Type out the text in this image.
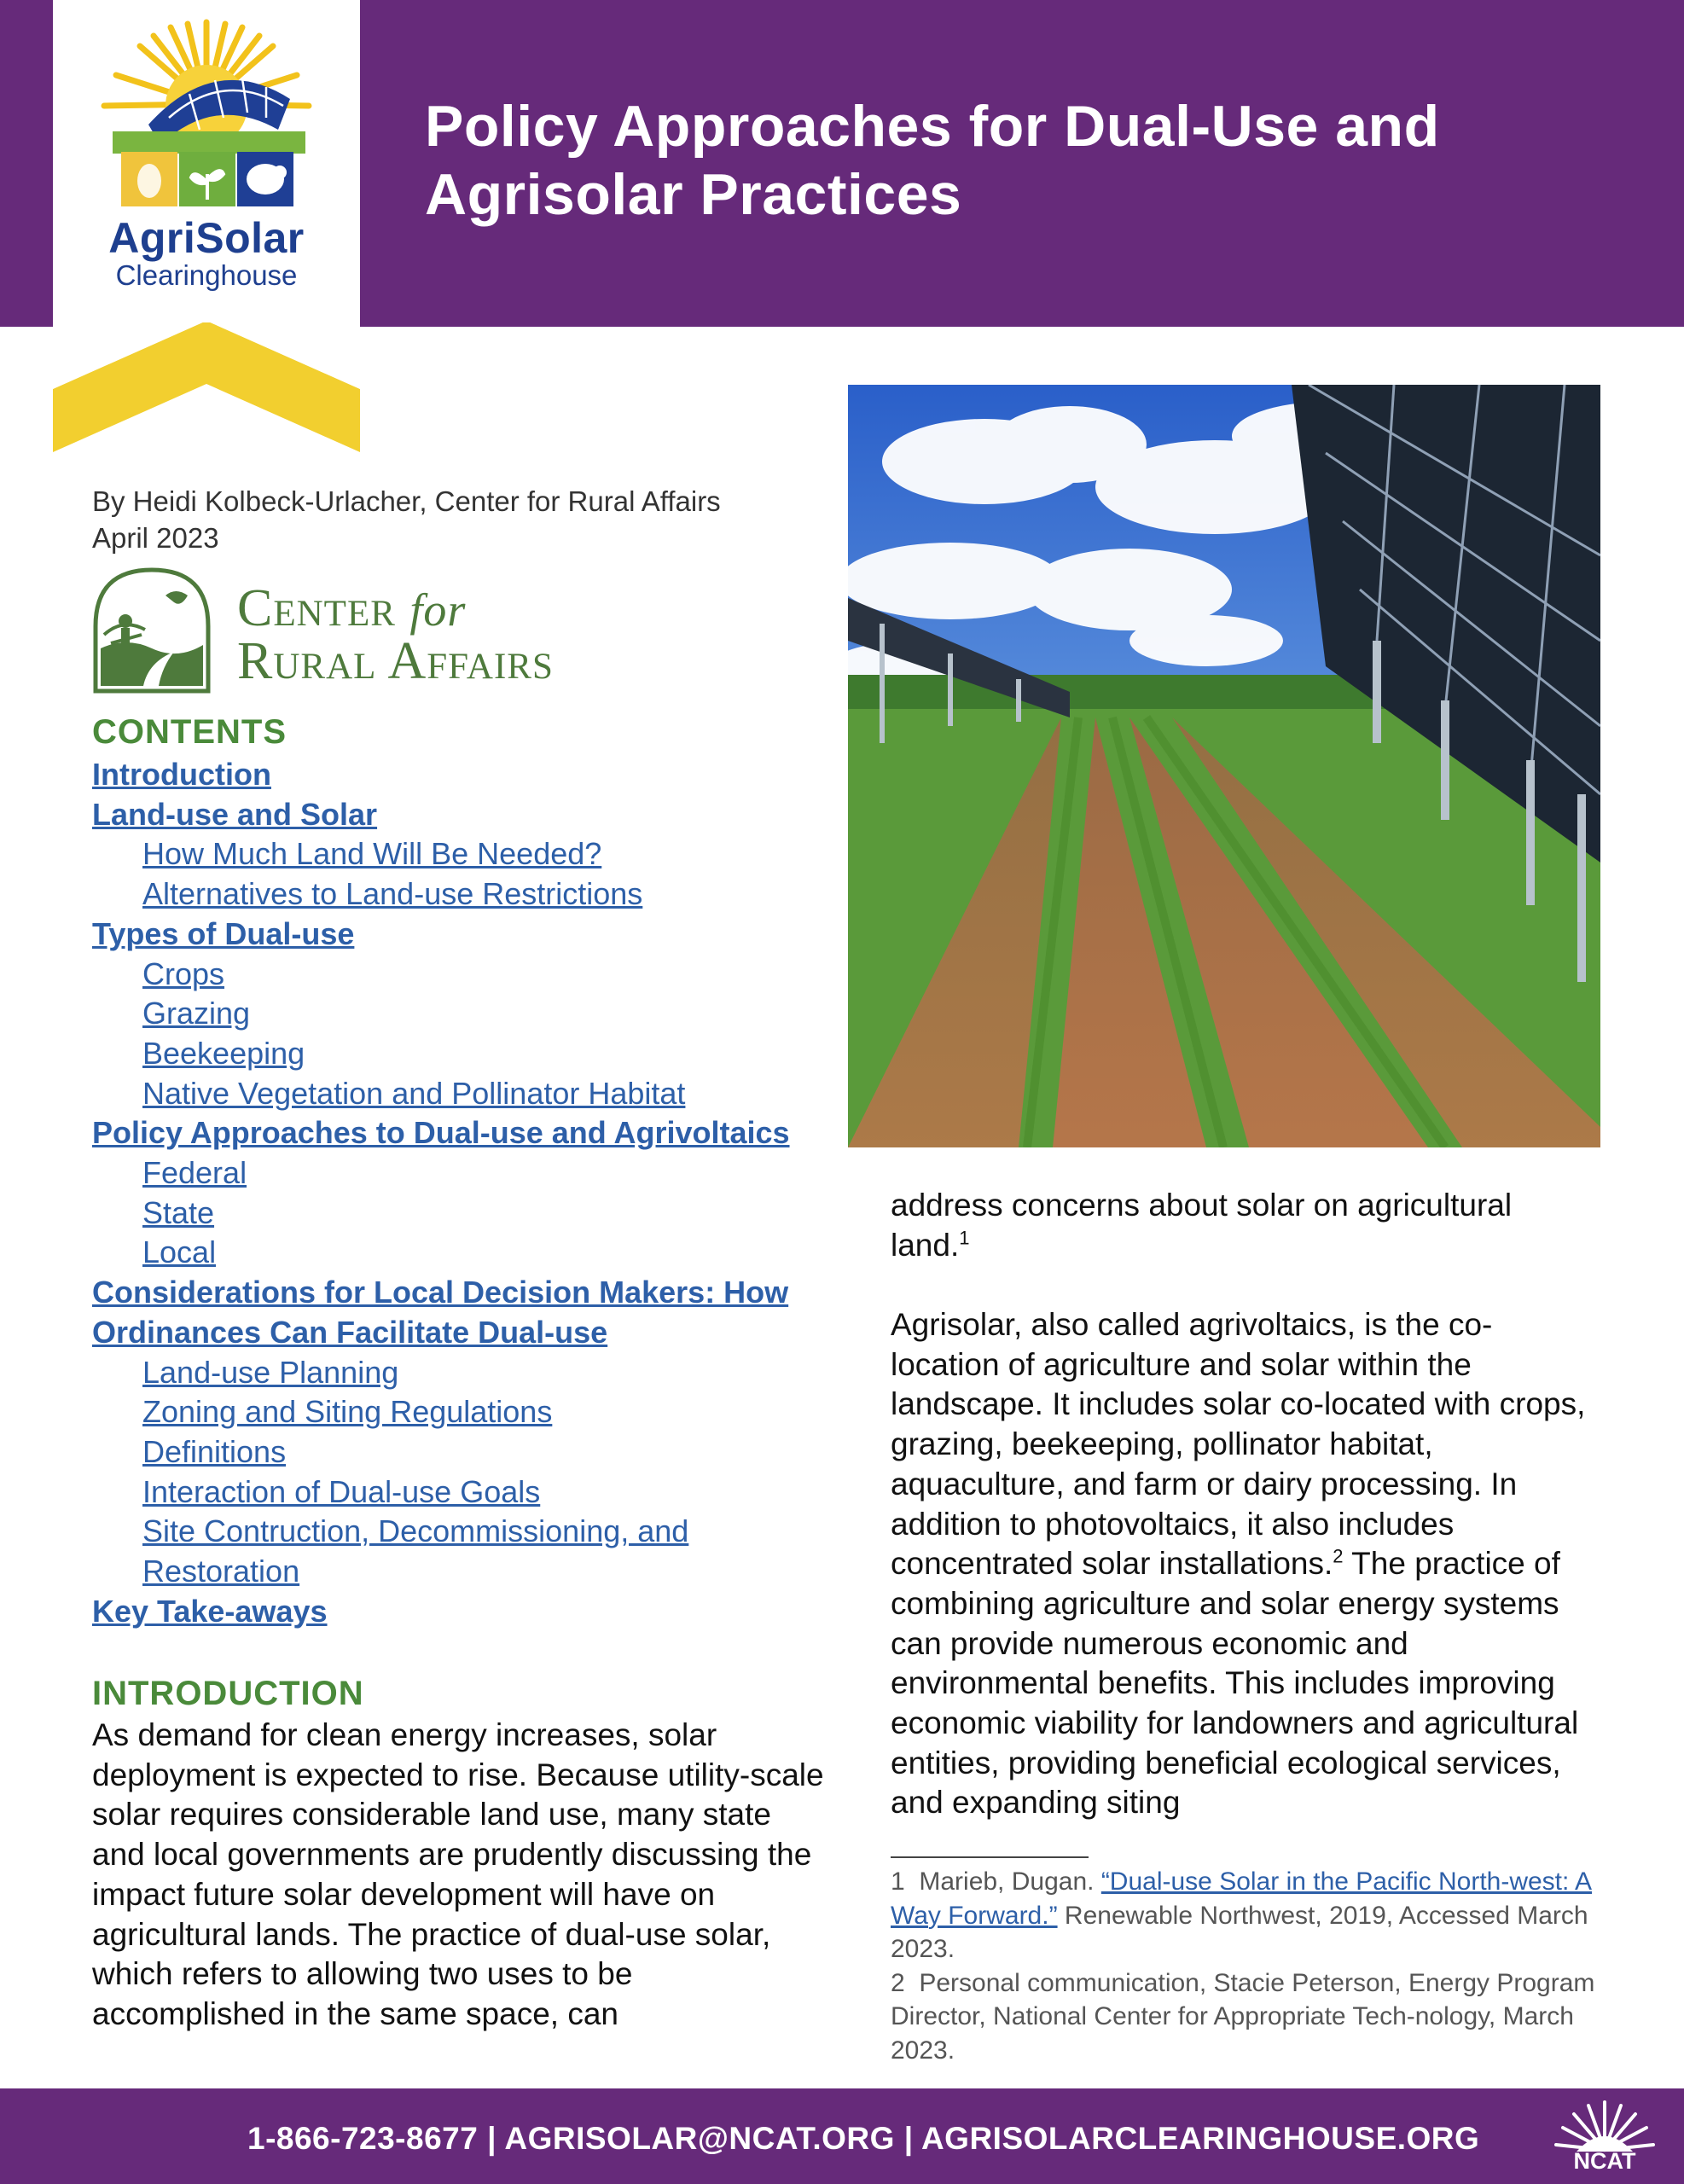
AgriSolar
Clearinghouse
Policy Approaches for Dual-Use and
Agrisolar Practices
By Heidi Kolbeck-Urlacher, Center for Rural Affairs
April 2023
Center for
Rural Affairs
CONTENTS
Introduction
Land-use and Solar
How Much Land Will Be Needed?
Alternatives to Land-use Restrictions
Types of Dual-use
Crops
Grazing
Beekeeping
Native Vegetation and Pollinator Habitat
Policy Approaches to Dual-use and Agrivoltaics
Federal
State
Local
Considerations for Local Decision Makers: How
Ordinances Can Facilitate Dual-use
Land-use Planning
Zoning and Siting Regulations
Definitions
Interaction of Dual-use Goals
Site Contruction, Decommissioning, and
Restoration
Key Take-aways
INTRODUCTION

As demand for clean energy increases, solar deployment is expected to rise. Because utility-scale solar requires considerable land use, many state and local governments are prudently discussing the impact future solar development will have on agricultural lands. The practice of dual-use solar, which refers to allowing two uses to be accomplished in the same space, can

address concerns about solar on agricultural land.$^1$

Agrisolar, also called agrivoltaics, is the co-location of agriculture and solar within the landscape. It includes solar co-located with crops, grazing, beekeeping, pollinator habitat, aquaculture, and farm or dairy processing. In addition to photovoltaics, it also includes concentrated solar installations.$^2$ The practice of combining agriculture and solar energy systems can provide numerous economic and environmental benefits. This includes improving economic viability for landowners and agricultural entities, providing beneficial ecological services, and expanding siting

1 Marieb, Dugan. “Dual-use Solar in the Pacific North-west: A Way Forward.” Renewable Northwest, 2019, Accessed March 2023.

2 Personal communication, Stacie Peterson, Energy Program Director, National Center for Appropriate Tech-nology, March 2023.

1-866-723-8677 | AGRISOLAR@NCAT.ORG | AGRISOLARCLEARINGHOUSE.ORG
NCAT
